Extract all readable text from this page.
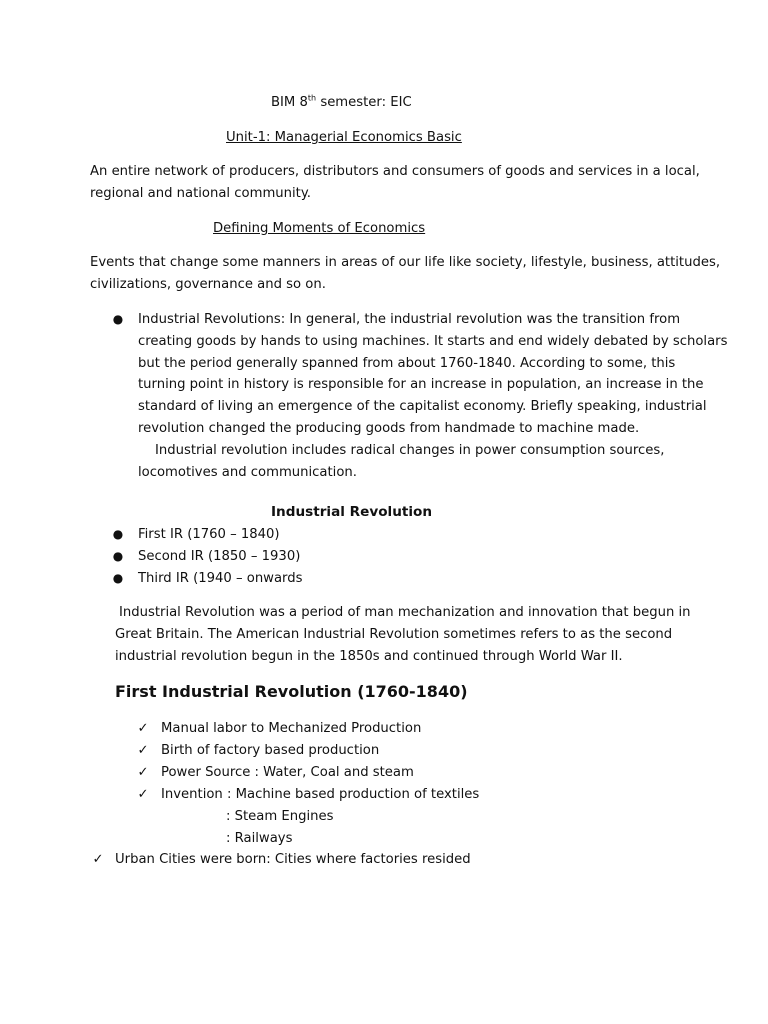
BIM 8th semester: EIC
Unit-1: Managerial Economics Basic
An entire network of producers, distributors and consumers of goods and services in a local,
regional and national community.
Defining Moments of Economics
Events that change some manners in areas of our life like society, lifestyle, business, attitudes,
civilizations, governance and so on.
● Industrial Revolutions: In general, the industrial revolution was the transition from
creating goods by hands to using machines. It starts and end widely debated by scholars
but the period generally spanned from about 1760-1840. According to some, this
turning point in history is responsible for an increase in population, an increase in the
standard of living an emergence of the capitalist economy. Briefly speaking, industrial
revolution changed the producing goods from handmade to machine made.
Industrial revolution includes radical changes in power consumption sources,
locomotives and communication.
Industrial Revolution
● First IR (1760 – 1840)
● Second IR (1850 – 1930)
● Third IR (1940 – onwards
Industrial Revolution was a period of man mechanization and innovation that begun in
Great Britain. The American Industrial Revolution sometimes refers to as the second
industrial revolution begun in the 1850s and continued through World War II.
First Industrial Revolution (1760-1840)
✓ Manual labor to Mechanized Production
✓ Birth of factory based production
✓ Power Source : Water, Coal and steam
✓ Invention : Machine based production of textiles
: Steam Engines
: Railways
✓ Urban Cities were born: Cities where factories resided
